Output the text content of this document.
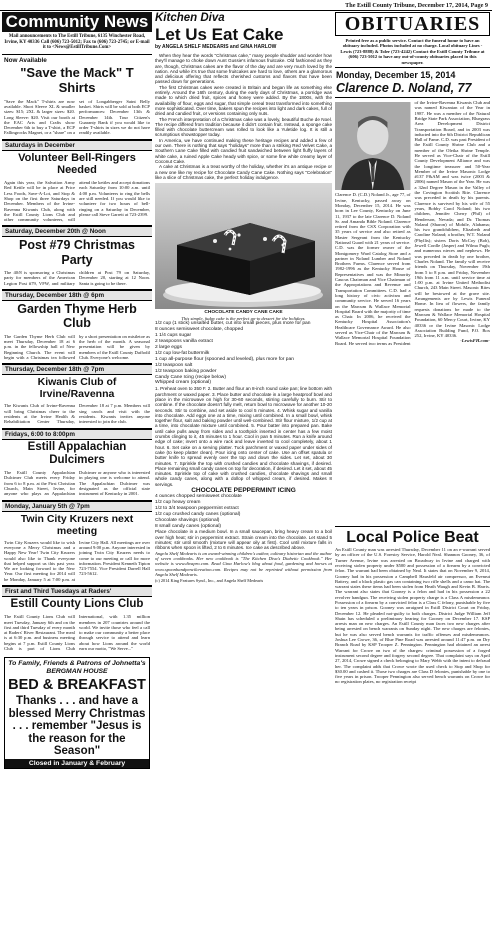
The Estill County Tribune, December 17, 2014, Page 9
Community News
Mail announcements to The Estill Tribune, 6135 Winchester Road, Irvine, KY 40336 Call (606) 723-5012; Fax to (606) 723-2745; or E-mail it to <News@EstillTribune.Com>
Now Available
"Save the Mack" T Shirts
"Save the Mack" T-shirts are now available. Short Sleeve XL & smaller sizes: $15; 2XL & larger sizes: $20. Long Sleeve: $20. Visit our booth at the EAC Arts and Crafts show December 6th to buy a T-shirt, a ECP Fallingrocks Magnet, or a "share" on a set of Longabberger Saint Belly basket. Shirts will be sold at both ECP performances: December 13th & December 14th. Tour Citizen's Guaranty Bank if you would like to order T-shirts in sizes we do not have readily available.
Saturdays in December
Volunteer Bell-Ringers Needed
Again this year, the Salvation Army Red Kettle will be in place at Price Less Foods, Save-A-Lot, and Stop & Shop on the first three Saturdays in December. Members of the Irvine-Ravenna Kiwanis Club, along with the Estill County Lions Club and other community volunteers, will attend the kettles and accept donations each Saturday from 10:00 a.m. until 4:00 p.m. Volunteers to ring the bells are still needed. If you would like to volunteer for two hours of bell-ringing on a Saturday in December, please call Steve Garrett at 723-2399.
Saturday, December 20th @ Noon
Post #79 Christmas Party
The 40/8 is sponsoring a Christmas party for members of the American Legion Post #79, VFW, and military children at Post 79 on Saturday, December 20, starting at 12 Noon. Santa is going to be there.
Thursday, December 18th @ 6pm
Garden Thyme Herb Club
The Garden Thyme Herb Club will meet Thursday, December 18 at 6 p.m. in the fellowship hall of New Beginning Church. The event will begin with a Christmas tea followed by a short presentation on mistletoe as the herb of the month. A seasonal presentation will be given by members of the Estill County Daffodil Club. Everyone's welcome.
Thursday, December 18th @ 7pm
Kiwanis Club of Irvine/Ravenna
The Kiwanis Club of Irvine-Ravenna will bring Christmas cheer to the residents at the Irvine Health & Rehabilitation Center Thursday, December 18 at 7 p.m. Members will sing carols and visit with the residents. Kiwanis invites anyone interested to join the club.
Fridays, 6:00 to 8:00pm
Estill Appalachian Dulcimers
The Estill County Appalachian Dulcimer Club meets every Friday from 6 to 8 p.m. at the First Christian Church, Main Street, Irvine, for anyone who plays an Appalachian Dulcimer or anyone who is interested in playing one is welcome to attend. The Appalachian Dulcimer was designated as the official state instrument of Kentucky in 2001.
Monday, January 5th @ 7pm
Twin City Kruzers next meeting
Twin City Kruzers would like to wish everyone a Merry Christmas and a Happy New Year! Twin City Kruzers would also like to Thank everyone that helped support us this past year. We are looking forward to the New Year. Our first meeting for 2014 will be Monday, January 5 at 7:00 p.m. at Irvine City Hall. All meetings are over around 9:00 p.m. Anyone interested in joining Twin City Kruzers needs to come to our meeting or call for more information. President Kenneth Tipton 723-7554. Vice President Darrell Hall 723-5612.
First and Third Tuesdays at Raders'
Estill County Lions Club
The Estill County Lions Club will meet Tuesday, January 6th and on the first and third Tuesday of every month at Raders' River Restaurant. The meal is at 6:30 p.m. and business meeting begins at 7 p.m. Estill County Lions Club is part of Lions Club International, with 1.35 million members in 207 countries around the world. We invite those who feel a call to make our community a better place through service to attend and learn about how Lions around the world earn our motto, "We Serve..."
To Family, Friends & Patrons of Johnetta's BERGMAN HOUSE
BED & BREAKFAST
Thanks . . . and have a blessed Merry Christmas . . . remember "Jesus is the reason for the Season"
Closed in January & February
Kitchen Diva
Let Us Eat Cake
by ANGELA SHELF MEDEARIS and GINA HARLOW

When they hear the words "Christmas cake," many people shudder and wonder how they'll manage to choke down Aunt Gussie's infamous fruitcake. Old fashioned as they are, though, Christmas cakes are the flavor of the day and are very much loved by the nation. And while it's true that some fruitcakes are hard to love, others are a glamorous and delicious offering that reflects cherished customs and flavors that have been passed down for generations.

The first Christmas cakes were created in Britain and began life as something else entirely. Around the 16th century, during the early days of Christmas, a porridge was made to which dried fruit, spices and honey were added. By the 1800s, with the availability of flour, eggs and sugar, that simple cereal treat transformed into something more sophisticated. Over time, bakers spun the recipes into light and dark cakes, full of dried and candied fruit, or versions containing only nuts.

The French interpretation of a Christmas cake was a lovely, beautiful Buche de Noel. The recipe differed from tradition because it didn't contain fruit. Instead, a sponge cake filled with chocolate buttercream was rolled to look like a Yuletide log. It is still a scrumptious showstopper today.

In America, we have continued making these heritage recipes and added a few of our own. There is nothing that says "holidays" more than a striking Red Velvet Cake, a Southern Lane Cake filled with candied fruit sandwiched between light fluffy layers of white cake, a ruined Apple Cake heady with spice, or some fine white creamy layer of Coconut Cake.

A cake at Christmas is a treat worthy of the holiday, whether it's an antique recipe or a new one like my recipe for Chocolate Candy Cane Cake. Nothing says "Celebration" like a slice of Christmas cake, the perfect holiday indulgence.

CHOCOLATE CANDY CANE CAKE
This simple, fudgy cake is the perfect go-to dessert for the holidays.
1/2 cup (1 stick) unsalted butter, cut into small pieces, plus more for pan
8 ounces semisweet chocolate, chopped
1 1/4 cups sugar
2 teaspoons vanilla extract
2 large eggs
1/2 cup low-fat buttermilk
1 cup all-purpose flour (spooned and leveled), plus more for pan
1/2 teaspoon salt
1/2 teaspoon baking powder
Candy Cane Icing (recipe below)
Whipped cream (optional)
1. Preheat oven to 350 F. 2. Butter and flour an 8-inch round cake pan; line bottom with parchment or waxed paper. 3. Place butter and chocolate in a large heatproof bowl and place in the microwave on high for 30-60 seconds, stirring carefully to burn. Stir to combine. If the chocolate doesn't fully melt, return bowl to microwave for another 10-20 seconds. Stir to combine, and set aside to cool 5 minutes. 4. Whisk sugar and vanilla into chocolate. Add eggs one at a time, mixing until combined. In a small bowl, whisk together flour, salt and baking powder until well-combined. Stir flour mixture, 1/2 cup at a time, into chocolate mixture until combined. 5. Pour batter into prepared pan. Bake until cake pulls away from sides and a toothpick inserted in center has a few moist crumbs clinging to it, 45 minutes to 1 hour. Cool in pan 5 minutes. Run a knife around edge of cake; invert onto a wire rack and leave inverted to cool completely, about 1 hour. 6. Set cake on a serving platter. Tuck parchment or waxed paper under sides of cake (to keep platter clean). Pour icing onto center of cake. Use an offset spatula or butter knife to spread evenly over the top and down the sides. Let set, about 30 minutes. 7. Sprinkle the top with crushed candies and chocolate shavings, if desired. Place remaining small candy canes on top for decoration, if desired. Let it set, about 45 minutes. Sprinkle top of cake with crushed candies, chocolate shavings and small whole candy canes, along with a dollop of whipped cream, if desired. Makes 8 servings.
CHOCOLATE PEPPERMINT ICING
4 ounces chopped semisweet chocolate
1/2 cup heavy cream
1/2 to 3/4 teaspoon peppermint extract
1/2 cup crushed candy canes (optional)
Chocolate shavings (optional)
8 small candy canes (optional)
Place chocolate in a medium bowl. In a small saucepan, bring heavy cream to a boil over high heat; stir in peppermint extract. Strain cream into the chocolate. Let stand 5 minutes; stir until smooth (mixture will appear oily at first). Cool until mixture falls in ribbons when spoon is lifted, 2 to 6 minutes. Ice cake as described above.
Angela Shelf Medearis is an award-winning children's author, culinary historian and the author of seven cookbooks. Her new cookbook is "The Kitchen Diva's Diabetic Cookbook." Her website is www.divapro.com. Read Gina Harlow's blog about food, gardening and horses at www.spoonhandpencilcreation.com. Recipes may not be reprinted without permission from Angela Shelf Medearis.
(c) 2014 King Features Synd., Inc., and Angela Shelf Medearis
OBITUARIES
Printed free as a public service. Contact the funeral home to have an obituary included. Photos included at no charge. Local obituary Lines - Lewis (723-8888) & Toler (723-4242) Contact the Estill County Tribune at (606) 723-5012 to have any out-of-county obituaries placed in this newspaper.
Monday, December 15, 2014
Clarence D. Noland, 77
Clarence D. (C.D.) Noland Jr., age 77, of Irvine, Kentucky, passed away on Monday, December 15, 2014. He was born in Lee County, Kentucky on June 11, 1937 to the late Clarence D. Noland Sr. and Amanda Bible Noland. Clarence retired from the CSX Corporation with 35 years of service and also retired as Master Sergeant from the Kentucky National Guard with 21 years of service. C.D. was the former owner of the Montgomery Ward Catalog Store and a partner in Noland Lumber and Noland Brothers Farms. Clarence served from 1982-1996 as the Kentucky House of Representatives and was the Minority Caucus Chairman and Vice Chairman of the Appropriations and Revenue and Transportation Committees. C.D. had a long history of civic activism and community service. He served 16 years on the Marcum & Wallace Memorial Hospital Board with the majority of time as Chair. In 2006, he received the Kentucky Hospital Association's Healthcare Governance Award. He also served as Vice-Chair of the Marcum & Wallace Memorial Hospital Foundation Board. He served two terms as President of the Irvine-Ravenna Kiwanis Club and was named Kiwanian of the Year in 1987. He was a member of the Natural Bridge State Park Association, Bluegrass Area Development District Transportation Board, and in 2003 was inducted into the 6th District Republican Hall of Fame. C.D. was past President of the Estill County Shrine Club and a member of the Oleika Shrine Temple. He served as Vice-Chair of the Estill County Development Alliance and was the longtime treasurer and 50-Year Member of the Irvine Masonic Lodge #137 F&AM and was twice (2003 & 2006) named Mason of the Year. He was a 32nd Degree Mason in the Valley of the Covington Scottish Rite. Clarence was preceded in death by his parents. Clarence is survived by his wife of 55 years, Bobby Carol Noland; his two children, Jennifer Cherry (Phil) of Henderson, Nevada; and Dr. Thomas Noland (Sharon) of Mobile, Alabama; his two grandchildren, Elizabeth and Caroline Noland; a brother, W.T. Noland (Phyllis); sisters Doris McCoy (Bob), Jewell Cordle (Jasper) and Wilma Pugh; and numerous nieces and nephews. He was preceded in death by one brother, Charles Noland. The family will receive friends on Thursday, November 19th from 5 to 8 p.m. and Friday, November 19th from 11 a.m. until service time at 1:00 p.m. at Irvine United Methodist Church, 243 Main Street. Masonic Rites will be bestowed at the grave site. Arrangements are by Lewis Funeral Home. In lieu of flowers, the family requests donations be made to the Marcum & Wallace Memorial Hospital Foundation, 60 Mercy Court, Irvine, KY 40336 or the Irvine Masonic Lodge Association Building Fund, P.O. Box 252, Irvine, KY 40336.
-LewisFH.com-
Local Police Beat
An Estill County man was arrested Thursday, December 11 on an e-warrant served by an officer of the U.S. Forestry Service, Harold Neal. Shannon Gooney, 36, of Turner Avenue, Irvine was arrested on Broadway in Irvine and charged with receiving stolen property under $500 and possession of a firearm by a convicted felon. The warrant had been obtained by Neal. It states that on November 9, 2014, Gooney had in his possession a Campbell Hausfeld air compressor, an Evenrut Battery, and a black plastic gas can containing two rifle shells and a camo hat. The warrant states these items had been stolen from Heath Waugh and Kevin B. Harris. The warrant also states that Gooney is a felon and had in his possession a 22 revolver handgun. The receiving stolen property charge is a Class A misdemeanor. Possession of a firearm by a convicted felon is a Class C felony, punishable by five to ten years in prison. Gooney was arraigned in Estill District Court on Friday, December 12. He pleaded not-guilty to both charges. District Judge William Jeff Shain has scheduled a preliminary hearing for Gooney on December 17. KSP arrests man on new charges. An Estill County man faces two new charges after being arrested on bench warrants on Sunday night. The new charges are felonies, but he was also served bench warrants for traffic offenses and misdemeanors. Joshua Lee Crowe, 36, of Blue Pine Road was arrested around 11:47 p.m. on Dry Branch Road by KSP Trooper Z. Pennington. Pennington had obtained an arrest Warrant for Crowe on two of the charges: criminal possession of a forged instrument second degree and forgery second degree. That complaint says on April 27, 2014, Crowe signed a check belonging to Mary Webb with the intent to defraud her. The complaint adds that Crowe wrote the used check to Stop and Shop for $30.00 and cashed it. Those two charges are Class D felonies, punishable by one to five years in prison. Trooper Pennington also served bench warrants on Crowe for no registration plates, no registration receipt
